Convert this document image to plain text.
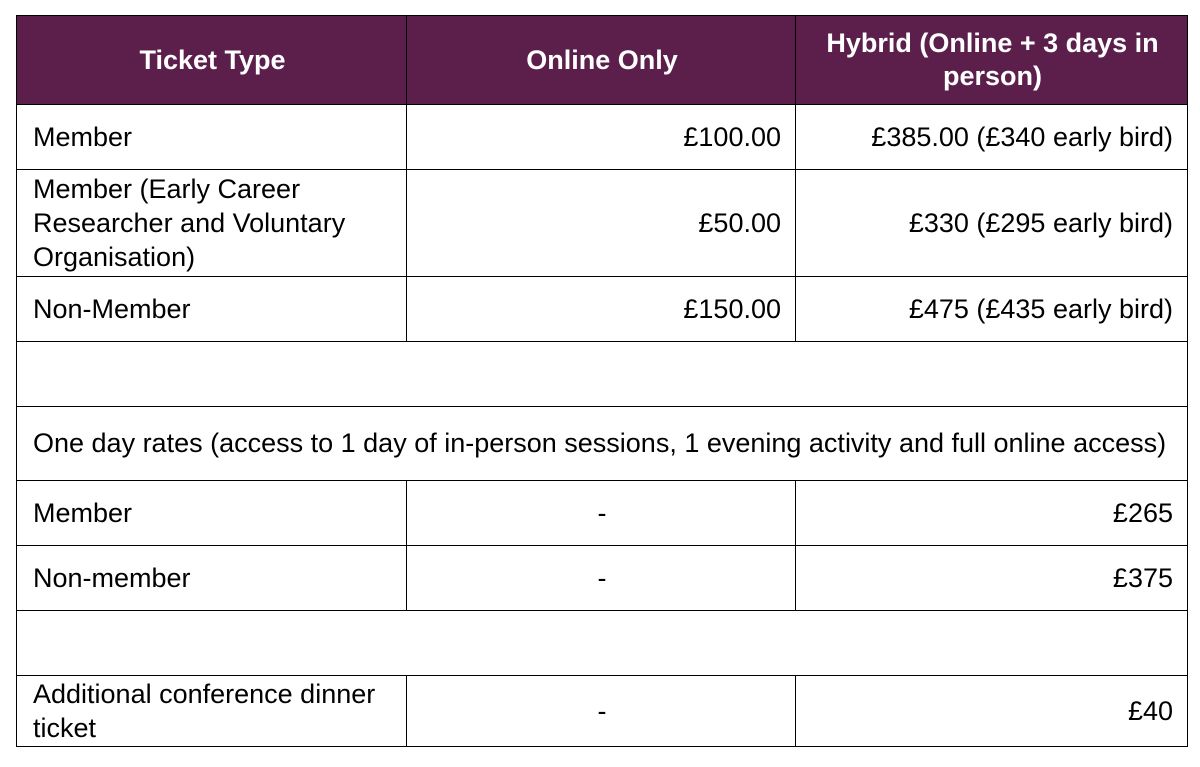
Ticket Type	Online Only	Hybrid (Online + 3 days in person)
Member	£100.00	£385.00 (£340 early bird)
Member (Early Career Researcher and Voluntary Organisation)	£50.00	£330 (£295 early bird)
Non-Member	£150.00	£475 (£435 early bird)

One day rates (access to 1 day of in-person sessions, 1 evening activity and full online access)		
Member	-	£265
Non-member	-	£375

Additional conference dinner ticket	-	£40
